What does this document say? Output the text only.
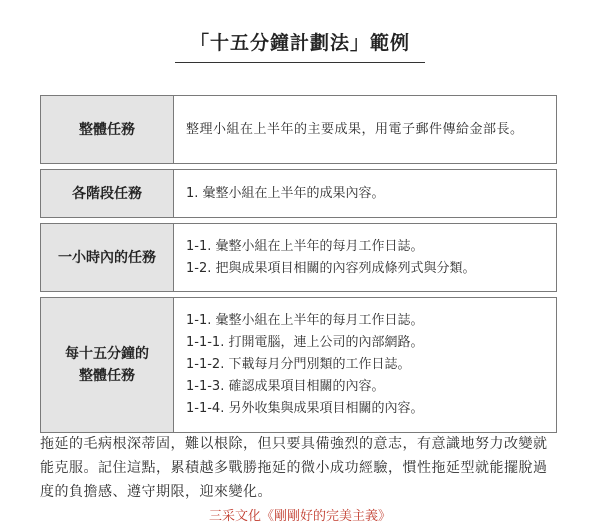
「十五分鐘計劃法」範例
整體任務	整理小組在上半年的主要成果，用電子郵件傳給金部長。

各階段任務	1. 彙整小組在上半年的成果內容。

一小時內的任務	1-1. 彙整小組在上半年的每月工作日誌。
1-2. 把與成果項目相關的內容列成條列式與分類。

每十五分鐘的
整體任務	1-1. 彙整小組在上半年的每月工作日誌。
1-1-1. 打開電腦，連上公司的內部網路。
1-1-2. 下載每月分門別類的工作日誌。
1-1-3. 確認成果項目相關的內容。
1-1-4. 另外收集與成果項目相關的內容。
拖延的毛病根深蒂固，難以根除，但只要具備強烈的意志，有意識地努力改變就能克服。記住這點，累積越多戰勝拖延的微小成功經驗，慣性拖延型就能擺脫過度的負擔感、遵守期限，迎來變化。
三采文化《剛剛好的完美主義》
